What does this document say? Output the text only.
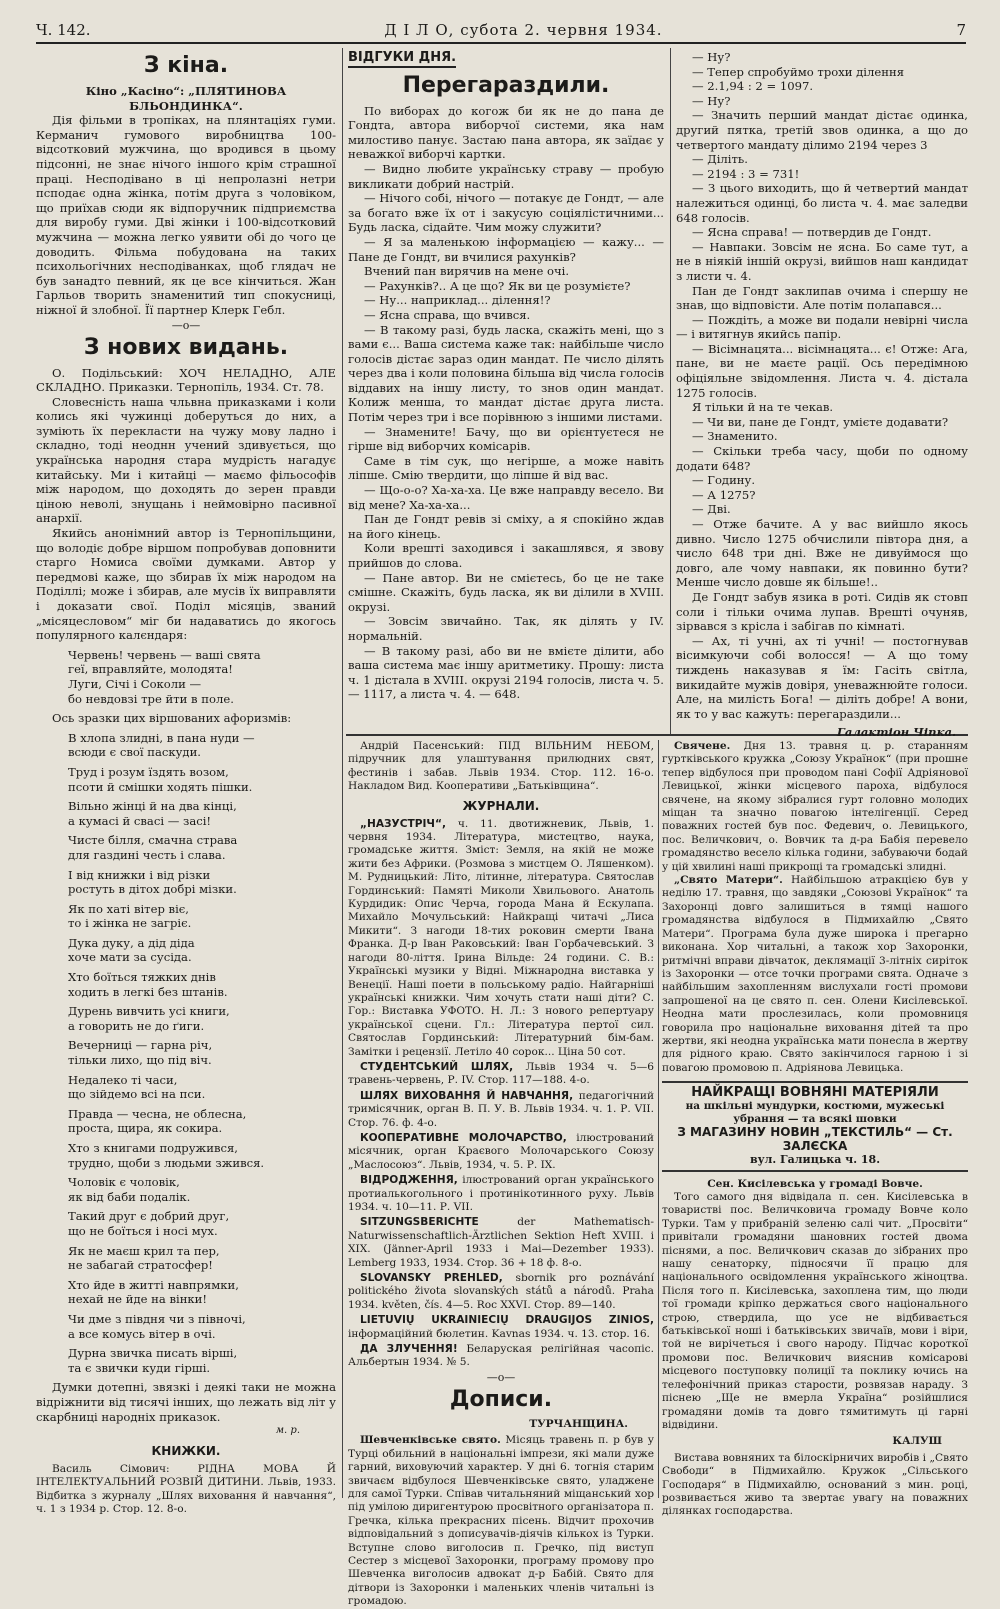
Ч. 142.	Д І Л О, субота 2. червня 1934.	7
З кіна.

Кіно „Касіно“: „ПЛЯТИНОВА БЛЬОНДИНКА“.

Дія фільми в тропіках, на плянтаціях гуми. Керманич гумового виробництва 100-відсотковий мужчина, що вродився в цьому підсонні, не знає нічого іншого крім страшної праці. Несподівано в ці непролазні нетри псподає одна жінка, потім друга з чоловіком, що приїхав сюди як відпоручник підприємства для виробу гуми. Дві жінки і 100-відсотковий мужчина — можна легко уявити обі до чого це доводить. Фільма побудована на таких психольогічних несподіванках, щоб глядач не був занадто певний, як це все кінчиться. Жан Гарльов творить знаменитий тип спокусниці, ніжної й злобної. Її партнер Клерк Гебл.

—o—
З нових видань.

О. Подільський: ХОЧ НЕЛАДНО, АЛЕ СКЛАДНО. Приказки. Тернопіль, 1934. Ст. 78.

Словесність нашa чльвна приказками і коли колись які чужинці доберуться до них, а зуміють їх перекласти на чужу мову ладно і складно, тоді неоднн учений здивується, що українська народня стара мудрість нагадує китайську. Ми і китайці — маємо фільософів між народом, що доходять до зерен правди ціною неволі, знущань і неймовірно пасивної анархії.

Якийсь анонімний автор із Тернопільщини, що володіє добре віршом попробував доповнити старго Номиса своїми думками. Автор у передмові каже, що збирав їх між народом на Поділлі; може і збирав, але мусів їх виправляти і доказати свої. Поділ місяців, званий „місяцесловом“ міг би надаватись до якогось популярного калєндаря:

Червень! червень — ваші свята
геї, вправляйте, молодята!
Луги, Січі і Соколи —
бо невдовзі тре йти в поле.

Ось зразки цих віршованих афоризмів:

В хлопа злидні, в пана нуди —
всюди є свої паскуди.
Труд і розум їздять возом,
псоти й смішки ходять пішки.
Вільно жінці й на два кінці,
а кумасі й свасі — засі!
Чисте білля, смачна страва
для газдині честь і слава.
І від книжки і від різки
ростуть в дітох добрі мізки.
Як по хаті вітер віє,
то і жінка не загріє.
Дука дуку, а дід діда
хоче мати за сусіда.
Хто боїться тяжких днів
ходить в легкі без штанів.
Дурень вивчить усі книги,
а говорить не до ґиги.
Вечерниці — гарна річ,
тільки лихо, що під віч.
Недалеко ті часи,
що зійдемо всі на пси.
Правда — чесна, не облесна,
проста, щира, як сокира.
Хто з книгами подружився,
трудно, щоби з людьми зжився.
Чоловік є чоловік,
як від баби подалік.
Такий друг є добрий друг,
що не боїться і носі мух.
Як не маєш крил та пер,
не забагай стратосфер!
Хто йде в житті навпрямки,
нехай не йде на вінки!
Чи дме з півдня чи з півночі,
а все комусь вітер в очі.
Дурна звичка писать вірші,
та є звички куди гірші.

Думки дотепні, звязкі і деякі таки не можна відріжнити від тисячі інших, що лежать від літ у скарбниці народніх приказок.

м. р.
КНИЖКИ.

Василь Сімович: РІДНА МОВА Й ІНТЕЛЕКТУАЛЬНИЙ РОЗВІЙ ДИТИНИ. Львів, 1933. Відбитка з журналу „Шлях виховання й навчання“, ч. 1 з 1934 р. Стор. 12. 8-о.

ВІДГУКИ ДНЯ.
Перегараздили.

По виборах до когож би як не до пана де Гондта, автора виборчої системи, яка нам милостиво панує. Застаю пана автора, як заїдає у неважкої виборчі картки.

— Видно любите українську страву — пробую викликати добрий настрій.

— Нічого собі, нічого — потакує де Гондт, — але за богато вже їх от і закусую соціялістичними... Будь ласка, сідайте. Чим можу служити?

— Я за маленькою інформацією — кажу... — Пане де Гондт, ви вчилися рахунків?

Вчений пан вирячив на мене очі.

— Рахунків?.. А це що? Як ви це розумієте?

— Ну... наприклад... ділення!?

— Ясна справа, що вчився.

— В такому разі, будь ласка, скажіть мені, що з вами є... Ваша система каже так: найбільше число голосів дістає зараз один мандат. Пе число ділять через два і коли половина більша від числа голосів віддавих на іншу листу, то знов один мандат. Колиж менша, то мандат дістає друга листа. Потім через три і все порівнюю з іншими листами.

— Знамените! Бачу, що ви орієнтуєтеся не гірше від виборчих комісарів.

Саме в тім сук, що негірше, а може навіть ліпше. Смію твердити, що ліпше й від вас.

— Що-о-о? Ха-ха-ха. Це вже направду весело. Ви від мене? Ха-ха-ха...

Пан де Гондт ревів зі сміху, а я спокійно ждав на його кінець.

Коли врешті заходився і закашлявся, я звову прийшов до слова.

— Пане автор. Ви не смієтесь, бо це не таке смішне. Скажіть, будь ласка, як ви ділили в XVIII. окрузі.

— Зовсім звичайно. Так, як ділять у IV. нормальній.

— В такому разі, або ви не вмієте ділити, або ваша система має іншу аритметику. Прошу: листа ч. 1 дістала в XVIII. окрузі 2194 голосів, листа ч. 5. — 1117, а листа ч. 4. — 648.

— Ну?

— Тепер спробуймо трохи ділення

— 2.1,94 : 2 = 1097.

— Ну?

— Значить перший мандат дістає одинка, другий пятка, третій звов одинка, а що до четвертого мандату ділимо 2194 через 3

— Діліть.

— 2194 : 3 = 731!

— З цього виходить, що й четвертий мандат належиться одинці, бо листа ч. 4. має заледви 648 голосів.

— Ясна справа! — потвердив де Гондт.

— Навпаки. Зовсім не ясна. Бо саме тут, а не в ніякій іншій окрузі, вийшов наш кандидат з листи ч. 4.

Пан де Гондт заклипав очима і спершу не знав, що відповісти. Але потім полапався...

— Пождіть, а може ви подали невірні числа — і витягнув якийсь папір.

— Вісімнацята... вісімнацята... є! Отже: Ага, пане, ви не маєте рації. Ось передімною офіціяльне звідомлення. Листа ч. 4. дістала 1275 голосів.

Я тільки й на те чекав.

— Чи ви, пане де Гондт, умієте додавати?

— Знаменито.

— Скільки треба часу, щоби по одному додати 648?

— Годину.

— А 1275?

— Дві.

— Отже бачите. А у вас вийшло якось дивно. Число 1275 обчислили півтора дня, а число 648 три дні. Вже не дивуймося що довго, але чому навпаки, як повинно бути? Менше число довше як більше!..

Де Гондт забув язика в роті. Сидів як стовп соли і тільки очима лупав. Врешті очуняв, зірвався з крісла і забігав по кімнаті.

— Ах, ті учні, ах ті учні! — постогнував вісимкуючи собі волосся! — А що тому тиждень наказував я їм: Гасіть світла, викидайте мужів довіря, уневажнюйте голоси. Але, на милість Бога! — діліть добре! А вони, як то у вас кажуть: перегараздили...

Галактіон Чіпка.

Андрій Пасенський: ПІД ВІЛЬНИМ НЕБОМ, підручник для улаштування прилюдних свят, фестинів і забав. Львів 1934. Стор. 112. 16-о. Накладом Вид. Кооперативи „Батьківщина“.

ЖУРНАЛИ.
„НАЗУСТРІЧ“, ч. 11. двотижневик, Львів, 1. червня 1934. Література, мистецтво, наука, громадське життя. Зміст: Земля, на якій не може жити без Африки. (Розмова з мистцем О. Ляшенком). М. Рудницький: Літо, літинне, література. Святослав Гординський: Памяті Миколи Хвильового. Анатоль Курдидик: Опис Черча, города Мана й Ескулапа. Михайло Мочульський: Найкращі читачі „Лиса Микити“. З нагоди 18-тих роковин смерти Івана Франка. Д-р Іван Раковський: Іван Горбачевський. З нагоди 80-ліття. Ірина Вільде: 24 години. С. В.: Українські музики у Відні. Міжнародна виставка у Венеції. Наші поети в польському радіо. Найгарніші українські книжки. Чим хочуть стати наші діти? С. Гор.: Виставка УФОТО. Н. Л.: З нового репертуару української сцени. Гл.: Література пертої сил. Святослав Гординський: Літературний бім-бам. Замітки і рецензії. Летіло 40 сорок... Ціна 50 сот.
СТУДЕНТСЬКИЙ ШЛЯХ, Львів 1934 ч. 5—6 травень-червень, Р. IV. Стор. 117—188. 4-о.
ШЛЯХ ВИХОВАННЯ Й НАВЧАННЯ, педагогічний тримісячник, орган В. П. У. В. Львів 1934. ч. 1. Р. VII. Стор. 76. ф. 4-о.
КООПЕРАТИВНЕ МОЛОЧАРСТВО, ілюстрований місячник, орган Краєвого Молочарського Союзу „Маслосоюз“. Львів, 1934, ч. 5. Р. IX.
ВІДРОДЖЕННЯ, ілюстрований орган українського протиалькогольного і протинікотинного руху. Львів 1934. ч. 10—11. Р. VII.
SITZUNGSBERICHTE	der Mathematisch-Naturwissenschaftlich-Ärztlichen Sektion Heft XVIII. i XIX. (Jänner-April 1933 i Mai—Dezember 1933). Lemberg 1933, 1934. Стор. 36 + 18 ф. 8-о.
SLOVANSKY PREHLED, sbornik pro poznávání politického života slovanských států a národů. Praha 1934. květen, čís. 4—5. Roc XXVI. Стор. 89—140.
LIETUVIŲ UKRAINIECIŲ DRAUGIJOS ZINIOS, інформаційний бюлетин. Kavnas 1934. ч. 13. стор. 16.
ДА ЗЛУЧЕННЯ! Беларуская релігійная часопіс. Альбертын 1934. № 5.
—o—
Дописи.
ТУРЧАНЩИНА.

Шевченківське свято. Місяць травень п. р був у Турці обильний в національні імпрези, які мали дуже гарний, виховуючий характер. У дні 6. тогнія старим звичаєм відбулося Шевченківське свято, уладжене для самої Турки. Співав читальняний міщанський хор під умілою диригентурою просвітного організатора п. Гречка, кілька прекрасних пісень. Відчит прохочив відповідальний з дописувачів-діячів кількох із Турки. Вступне слово виголосив п. Гречко, під виступ Сестер з місцевої Захоронки, програму промову про Шевченка виголосив адвокат д-р Бабій. Свято для дітвори із Захоронки і маленьких членів читальні із громадою.

Свячене. Дня 13. травня ц. р. старанням гуртківського кружка „Союзу Українок“ (при прошне тепер відбулося при проводом пані Софії Адріянової Левицької, жінки місцевого пароха, відбулося свячене, на якому зібралися гурт головно молодих міщан та значно повагою інтелігенції. Серед поважних гостей був пос. Федевич, о. Левицького, пос. Величкович, о. Вовчик та д-ра Бабія перевело громадянство весело кілька години, забуваючи бодай у цій хвилині наші прикрощі та громадські злидні.

„Свято Матери“. Найбільшою атракцією був у неділю 17. травня, що завдяки „Союзові Українок“ та Захоронці довго залишиться в тямці нашого громадянства відбулося в Підмихайлю „Свято Матери“. Програма була дуже широка і прегарно виконана. Хор читальні, а також хор Захоронки, ритмічні вправи дівчаток, деклямації 3-літніх сиріток із Захоронки — отсе точки програми свята. Одначе з найбільшим захопленням вислухали гості промови запрошеної на це свято п. сен. Олени Кисілевської. Неодна мати прослезилась, коли промовниця говорила про національне виховання дітей та про жертви, які неодна українська мати понесла в жертву для рідного краю. Свято закінчилося гарною і зі повагою промовою п. Адріянова Левицька.

НАЙКРАЩІ ВОВНЯНІ МАТЕРІЯЛИ
на шкільні мундурки, костюми, мужеські убрання — та всякі шовки
З МАГАЗИНУ НОВИН „ТЕКСТИЛЬ“ — Ст. ЗАЛЄСКА
вул. Галицька ч. 18.

Сен. Кисілевська у громаді Вовче.

Того самого дня відвідала п. сен. Кисілевська в товаристві пос. Величковичa громаду Вовче коло Турки. Там у прибраній зеленю салі чит. „Просвіти“ привітали громадяни шановних гостей двома піснями, а пос. Величкович сказав до зібраних про нашу сенаторку, підносячи її працю для національного освідомлення українського жіноцтва. Після того п. Кисілевська, захоплена тим, що люди тої громади кріпко держаться свого національного строю, ствердила, що усе не відбивається батьківської ноші і батьківських звичаїв, мови і віри, той не вирічеться і свого народу. Підчас короткої промови пос. Величкович вияснив комісарові місцевого поступовку полиції та поклику ючись на телефонічний приказ старости, розвязав нараду. З піснею „Ще не вмерла Україна“ розійшлися громадяни домів та довго тямитимуть ці гарні відвідини.

КАЛУШ

Виставa вовняних та білоскірничих виробів і „Свято Свободи“ в Підмихайлю. Кружок „Сільського Господаря“ в Підмихайлю, оснований з мин. році, розвивається живо та звертає увагу на поважних ділянках господарства.
